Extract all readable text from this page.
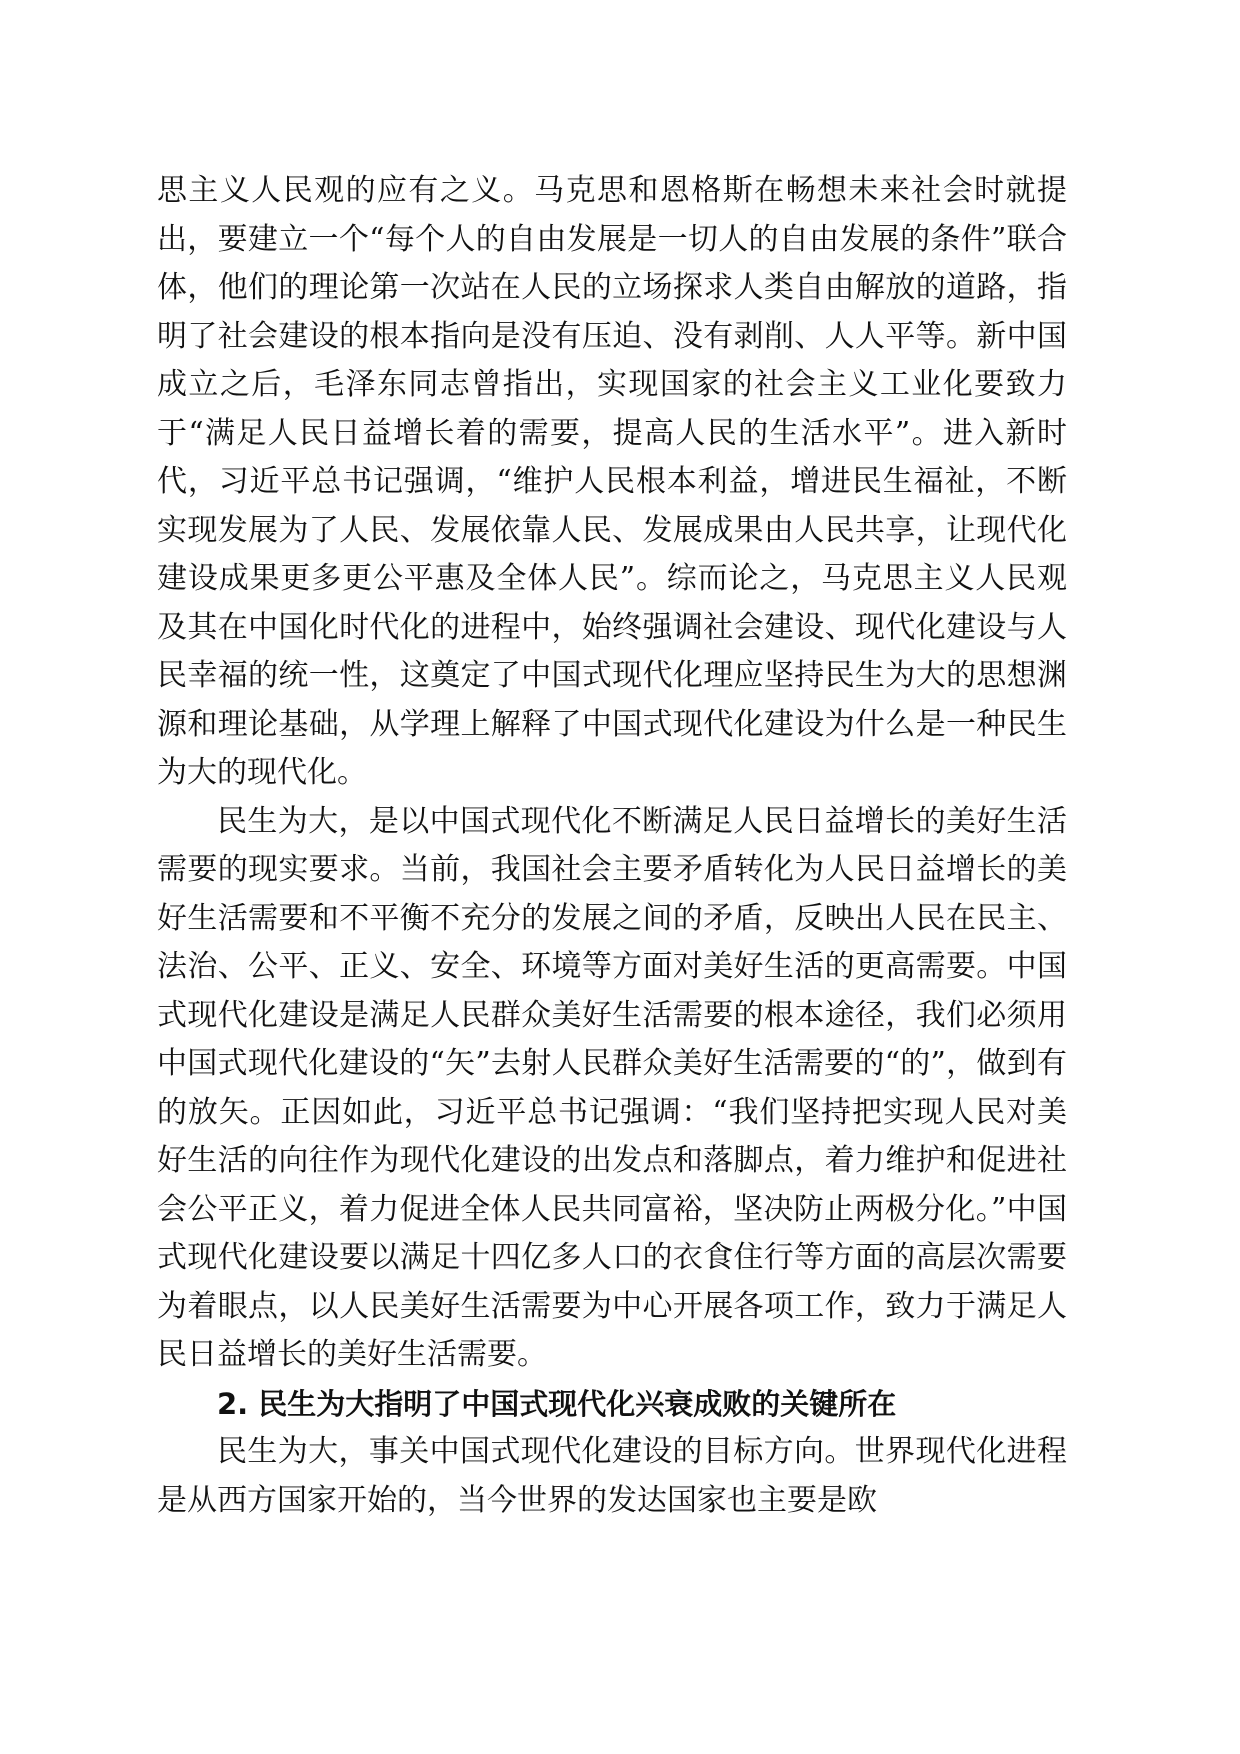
思主义人民观的应有之义。马克思和恩格斯在畅想未来社会时就提出，要建立一个“每个人的自由发展是一切人的自由发展的条件”联合体，他们的理论第一次站在人民的立场探求人类自由解放的道路，指明了社会建设的根本指向是没有压迫、没有剥削、人人平等。新中国成立之后，毛泽东同志曾指出，实现国家的社会主义工业化要致力于“满足人民日益增长着的需要，提高人民的生活水平”。进入新时代，习近平总书记强调，“维护人民根本利益，增进民生福祉，不断实现发展为了人民、发展依靠人民、发展成果由人民共享，让现代化建设成果更多更公平惠及全体人民”。综而论之，马克思主义人民观及其在中国化时代化的进程中，始终强调社会建设、现代化建设与人民幸福的统一性，这奠定了中国式现代化理应坚持民生为大的思想渊源和理论基础，从学理上解释了中国式现代化建设为什么是一种民生为大的现代化。

民生为大，是以中国式现代化不断满足人民日益增长的美好生活需要的现实要求。当前，我国社会主要矛盾转化为人民日益增长的美好生活需要和不平衡不充分的发展之间的矛盾，反映出人民在民主、法治、公平、正义、安全、环境等方面对美好生活的更高需要。中国式现代化建设是满足人民群众美好生活需要的根本途径，我们必须用中国式现代化建设的“矢”去射人民群众美好生活需要的“的”，做到有的放矢。正因如此，习近平总书记强调：“我们坚持把实现人民对美好生活的向往作为现代化建设的出发点和落脚点，着力维护和促进社会公平正义，着力促进全体人民共同富裕，坚决防止两极分化。”中国式现代化建设要以满足十四亿多人口的衣食住行等方面的高层次需要为着眼点，以人民美好生活需要为中心开展各项工作，致力于满足人民日益增长的美好生活需要。

2. 民生为大指明了中国式现代化兴衰成败的关键所在

民生为大，事关中国式现代化建设的目标方向。世界现代化进程是从西方国家开始的，当今世界的发达国家也主要是欧
